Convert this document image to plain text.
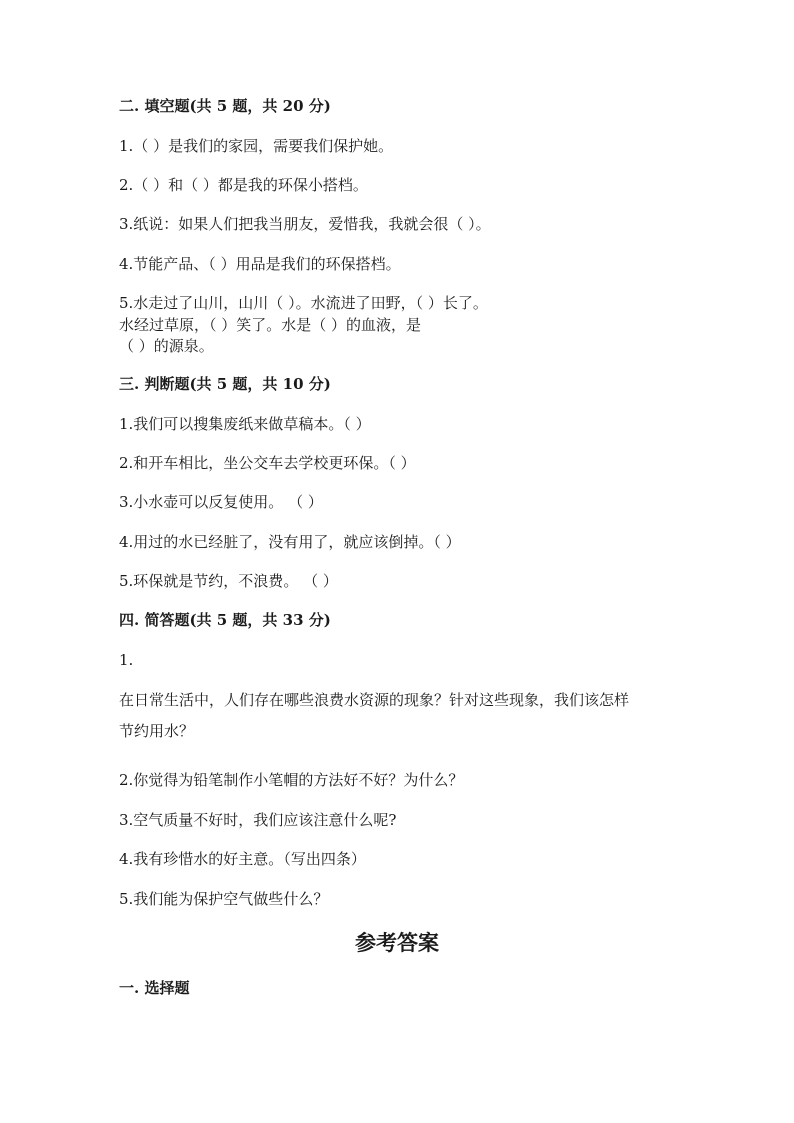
二. 填空题(共 5 题，共 20 分)
1.（ ）是我们的家园，需要我们保护她。
2.（ ）和（ ）都是我的环保小搭档。
3.纸说：如果人们把我当朋友，爱惜我，我就会很（ ）。
4.节能产品、（ ）用品是我们的环保搭档。
5.水走过了山川，山川（ ）。水流进了田野，（ ）长了。
水经过草原，（ ）笑了。水是（ ）的血液，是
（ ）的源泉。
三. 判断题(共 5 题，共 10 分)
1.我们可以搜集废纸来做草稿本。（ ）
2.和开车相比，坐公交车去学校更环保。（ ）
3.小水壶可以反复使用。 （ ）
4.用过的水已经脏了，没有用了，就应该倒掉。（ ）
5.环保就是节约，不浪费。 （ ）
四. 简答题(共 5 题，共 33 分)
1.
在日常生活中，人们存在哪些浪费水资源的现象？针对这些现象，我们该怎样
节约用水？
2.你觉得为铅笔制作小笔帽的方法好不好？为什么？
3.空气质量不好时，我们应该注意什么呢?
4.我有珍惜水的好主意。（写出四条）
5.我们能为保护空气做些什么？
参考答案
一. 选择题
